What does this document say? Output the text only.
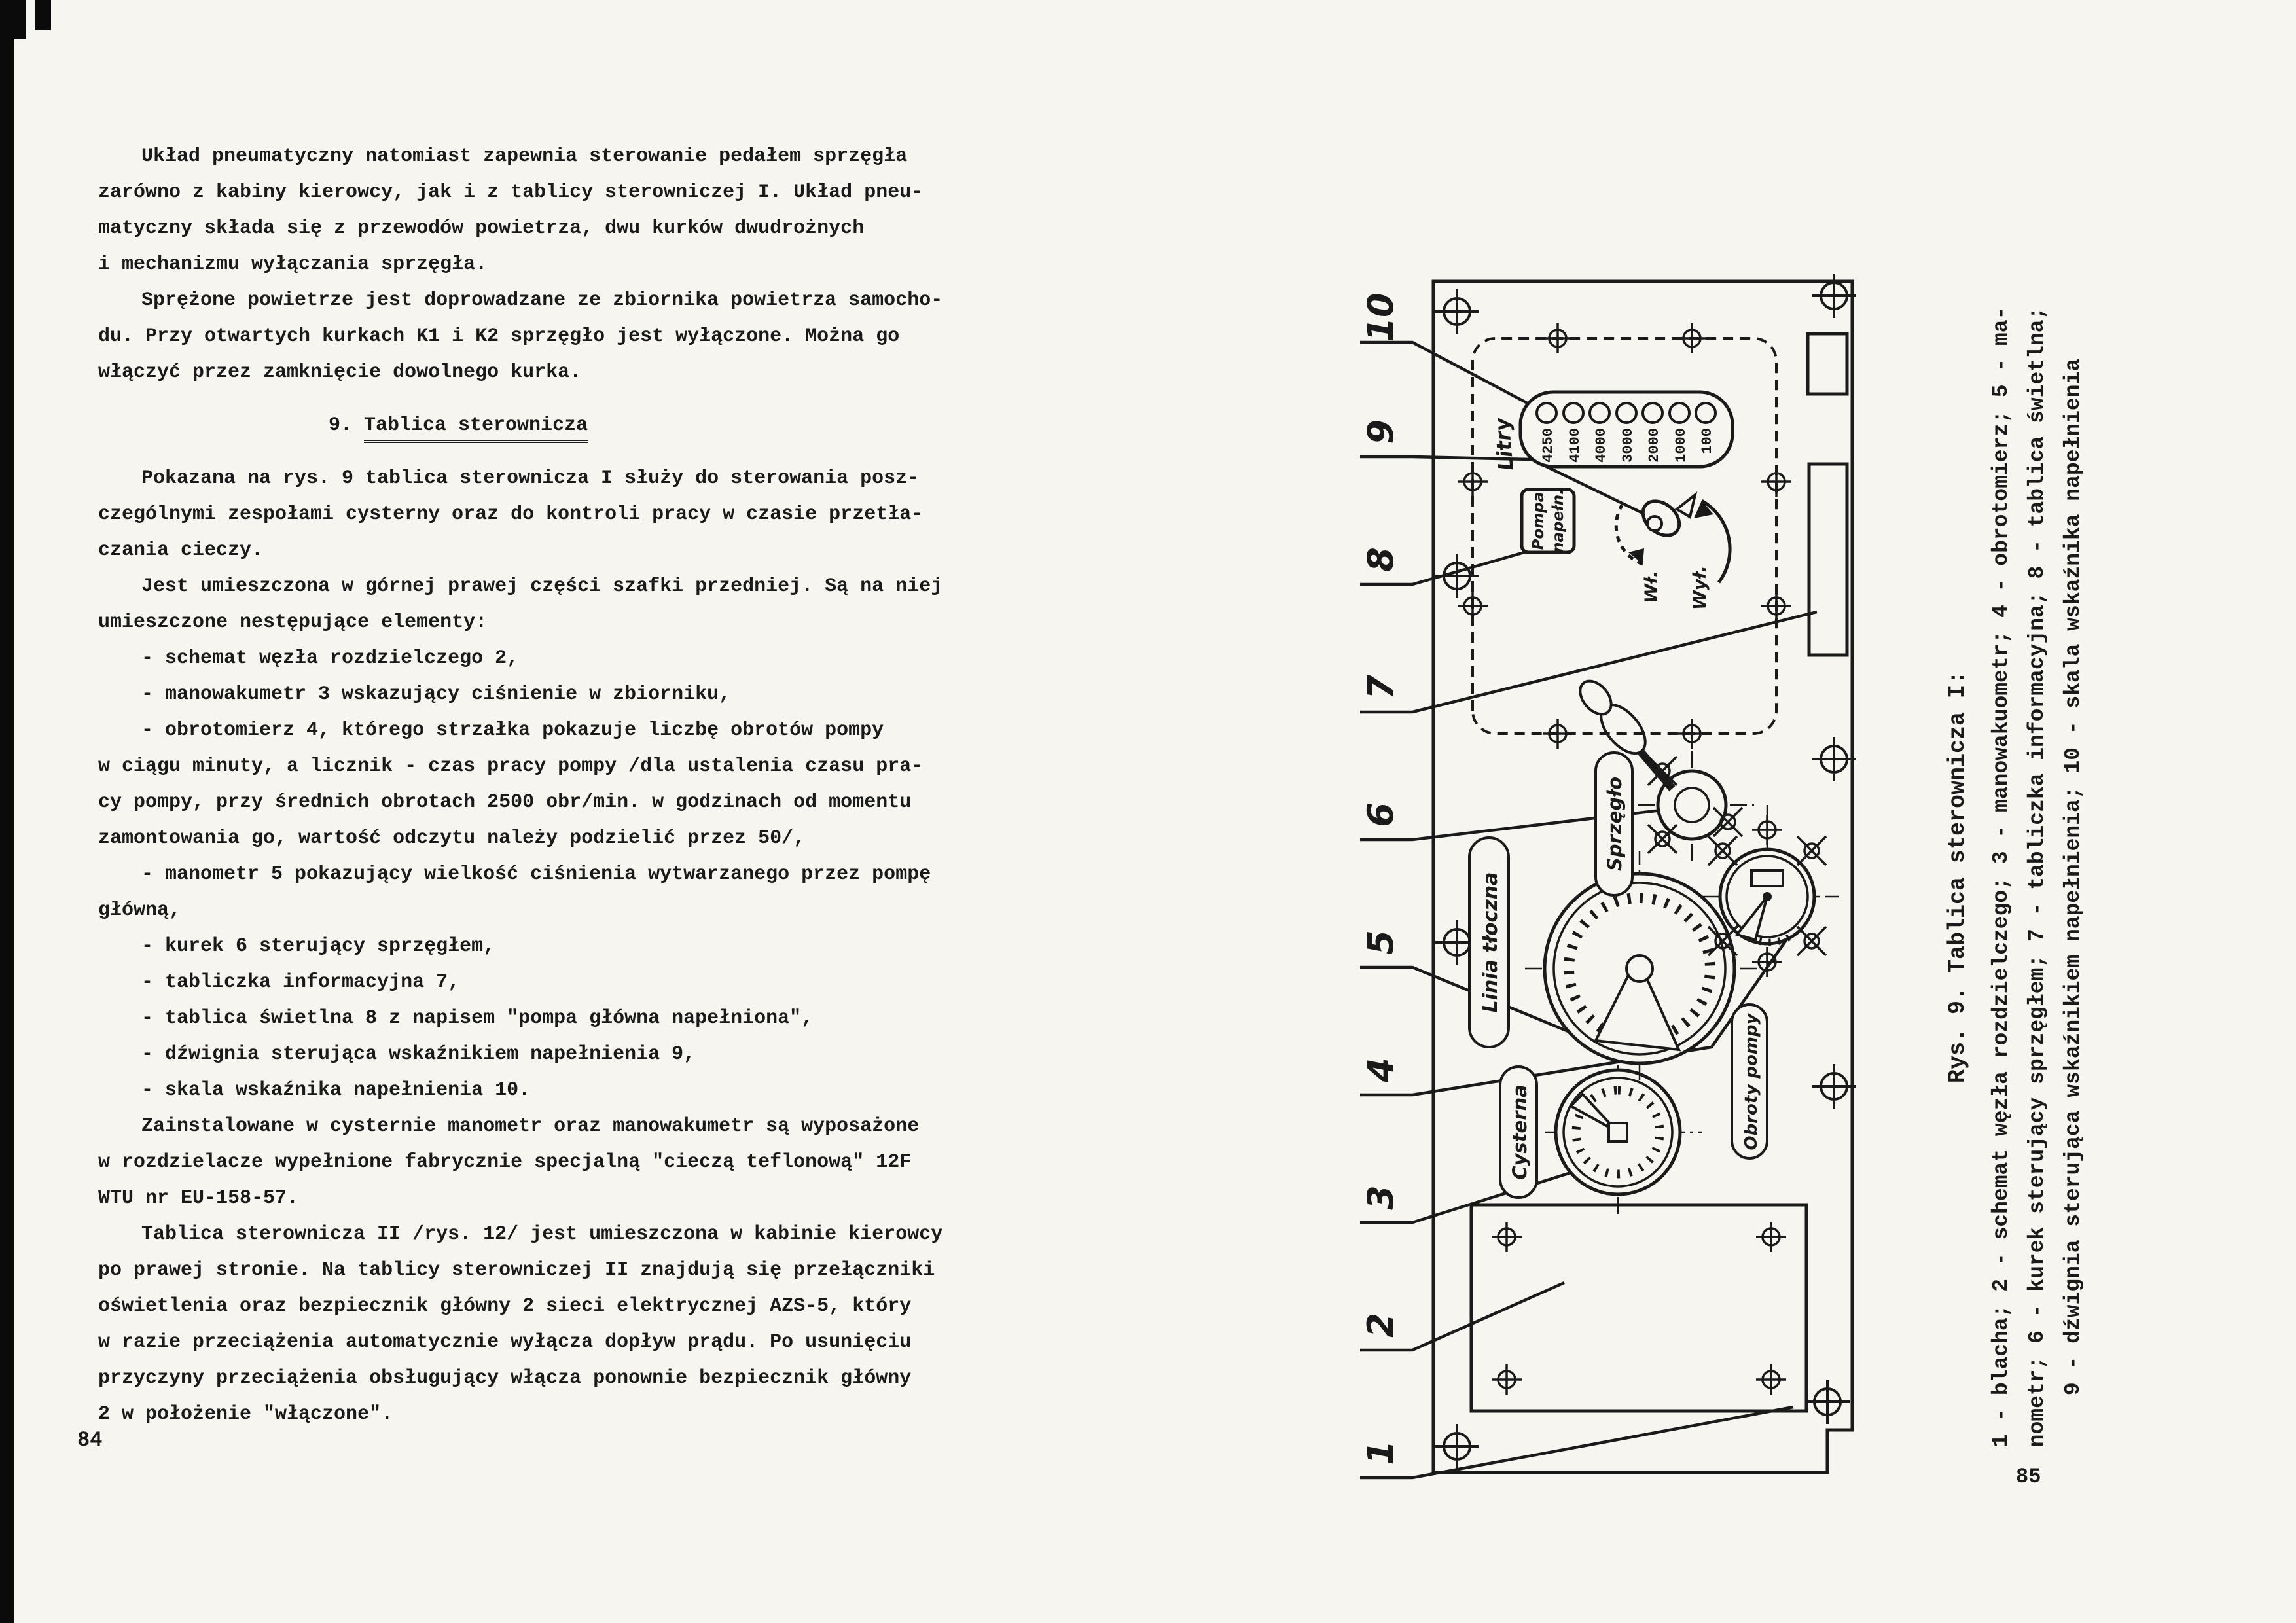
Układ pneumatyczny natomiast zapewnia sterowanie pedałem sprzęgła
zarówno z kabiny kierowcy, jak i z tablicy sterowniczej I. Układ pneu-
matyczny składa się z przewodów powietrza, dwu kurków dwudrożnych
i mechanizmu wyłączania sprzęgła.
Sprężone powietrze jest doprowadzane ze zbiornika powietrza samocho-
du. Przy otwartych kurkach K1 i K2 sprzęgło jest wyłączone. Można go
włączyć przez zamknięcie dowolnego kurka.
9. Tablica sterownicza
Pokazana na rys. 9 tablica sterownicza I służy do sterowania posz-
czególnymi zespołami cysterny oraz do kontroli pracy w czasie przetła-
czania cieczy.
Jest umieszczona w górnej prawej części szafki przedniej. Są na niej
umieszczone nestępujące elementy:
- schemat węzła rozdzielczego 2,
- manowakumetr 3 wskazujący ciśnienie w zbiorniku,
- obrotomierz 4, którego strzałka pokazuje liczbę obrotów pompy
w ciągu minuty, a licznik - czas pracy pompy /dla ustalenia czasu pra-
cy pompy, przy średnich obrotach 2500 obr/min. w godzinach od momentu
zamontowania go, wartość odczytu należy podzielić przez 50/,
- manometr 5 pokazujący wielkość ciśnienia wytwarzanego przez pompę
główną,
- kurek 6 sterujący sprzęgłem,
- tabliczka informacyjna 7,
- tablica świetlna 8 z napisem "pompa główna napełniona",
- dźwignia sterująca wskaźnikiem napełnienia 9,
- skala wskaźnika napełnienia 10.
Zainstalowane w cysternie manometr oraz manowakumetr są wyposażone
w rozdzielacze wypełnione fabrycznie specjalną "cieczą teflonową" 12F
WTU nr EU-158-57.
Tablica sterownicza II /rys. 12/ jest umieszczona w kabinie kierowcy
po prawej stronie. Na tablicy sterowniczej II znajdują się przełączniki
oświetlenia oraz bezpiecznik główny 2 sieci elektrycznej AZS-5, który
w razie przeciążenia automatycznie wyłącza dopływ prądu. Po usunięciu
przyczyny przeciążenia obsługujący włącza ponownie bezpiecznik główny
2 w położenie "włączone".
84
85
1
2
3
4
5
6
7
8
9
10
Cysterna
Linia tłoczna
Obroty pompy
Sprzęgło
Pompa napełn.
Wł. Wył.
Litry 4250 4100 4000 3000 2000 1000 100
Rys. 9. Tablica sterownicza I: 1 - blacha; 2 - schemat węzła rozdzielczego; 3 - manowakuometr; 4 - obrotomierz; 5 - ma- nometr; 6 - kurek sterujący sprzęgłem; 7 - tabliczka informacyjna; 8 - tablica świetlna; 9 - dźwignia sterująca wskaźnikiem napełnienia; 10 - skala wskaźnika napełnienia
